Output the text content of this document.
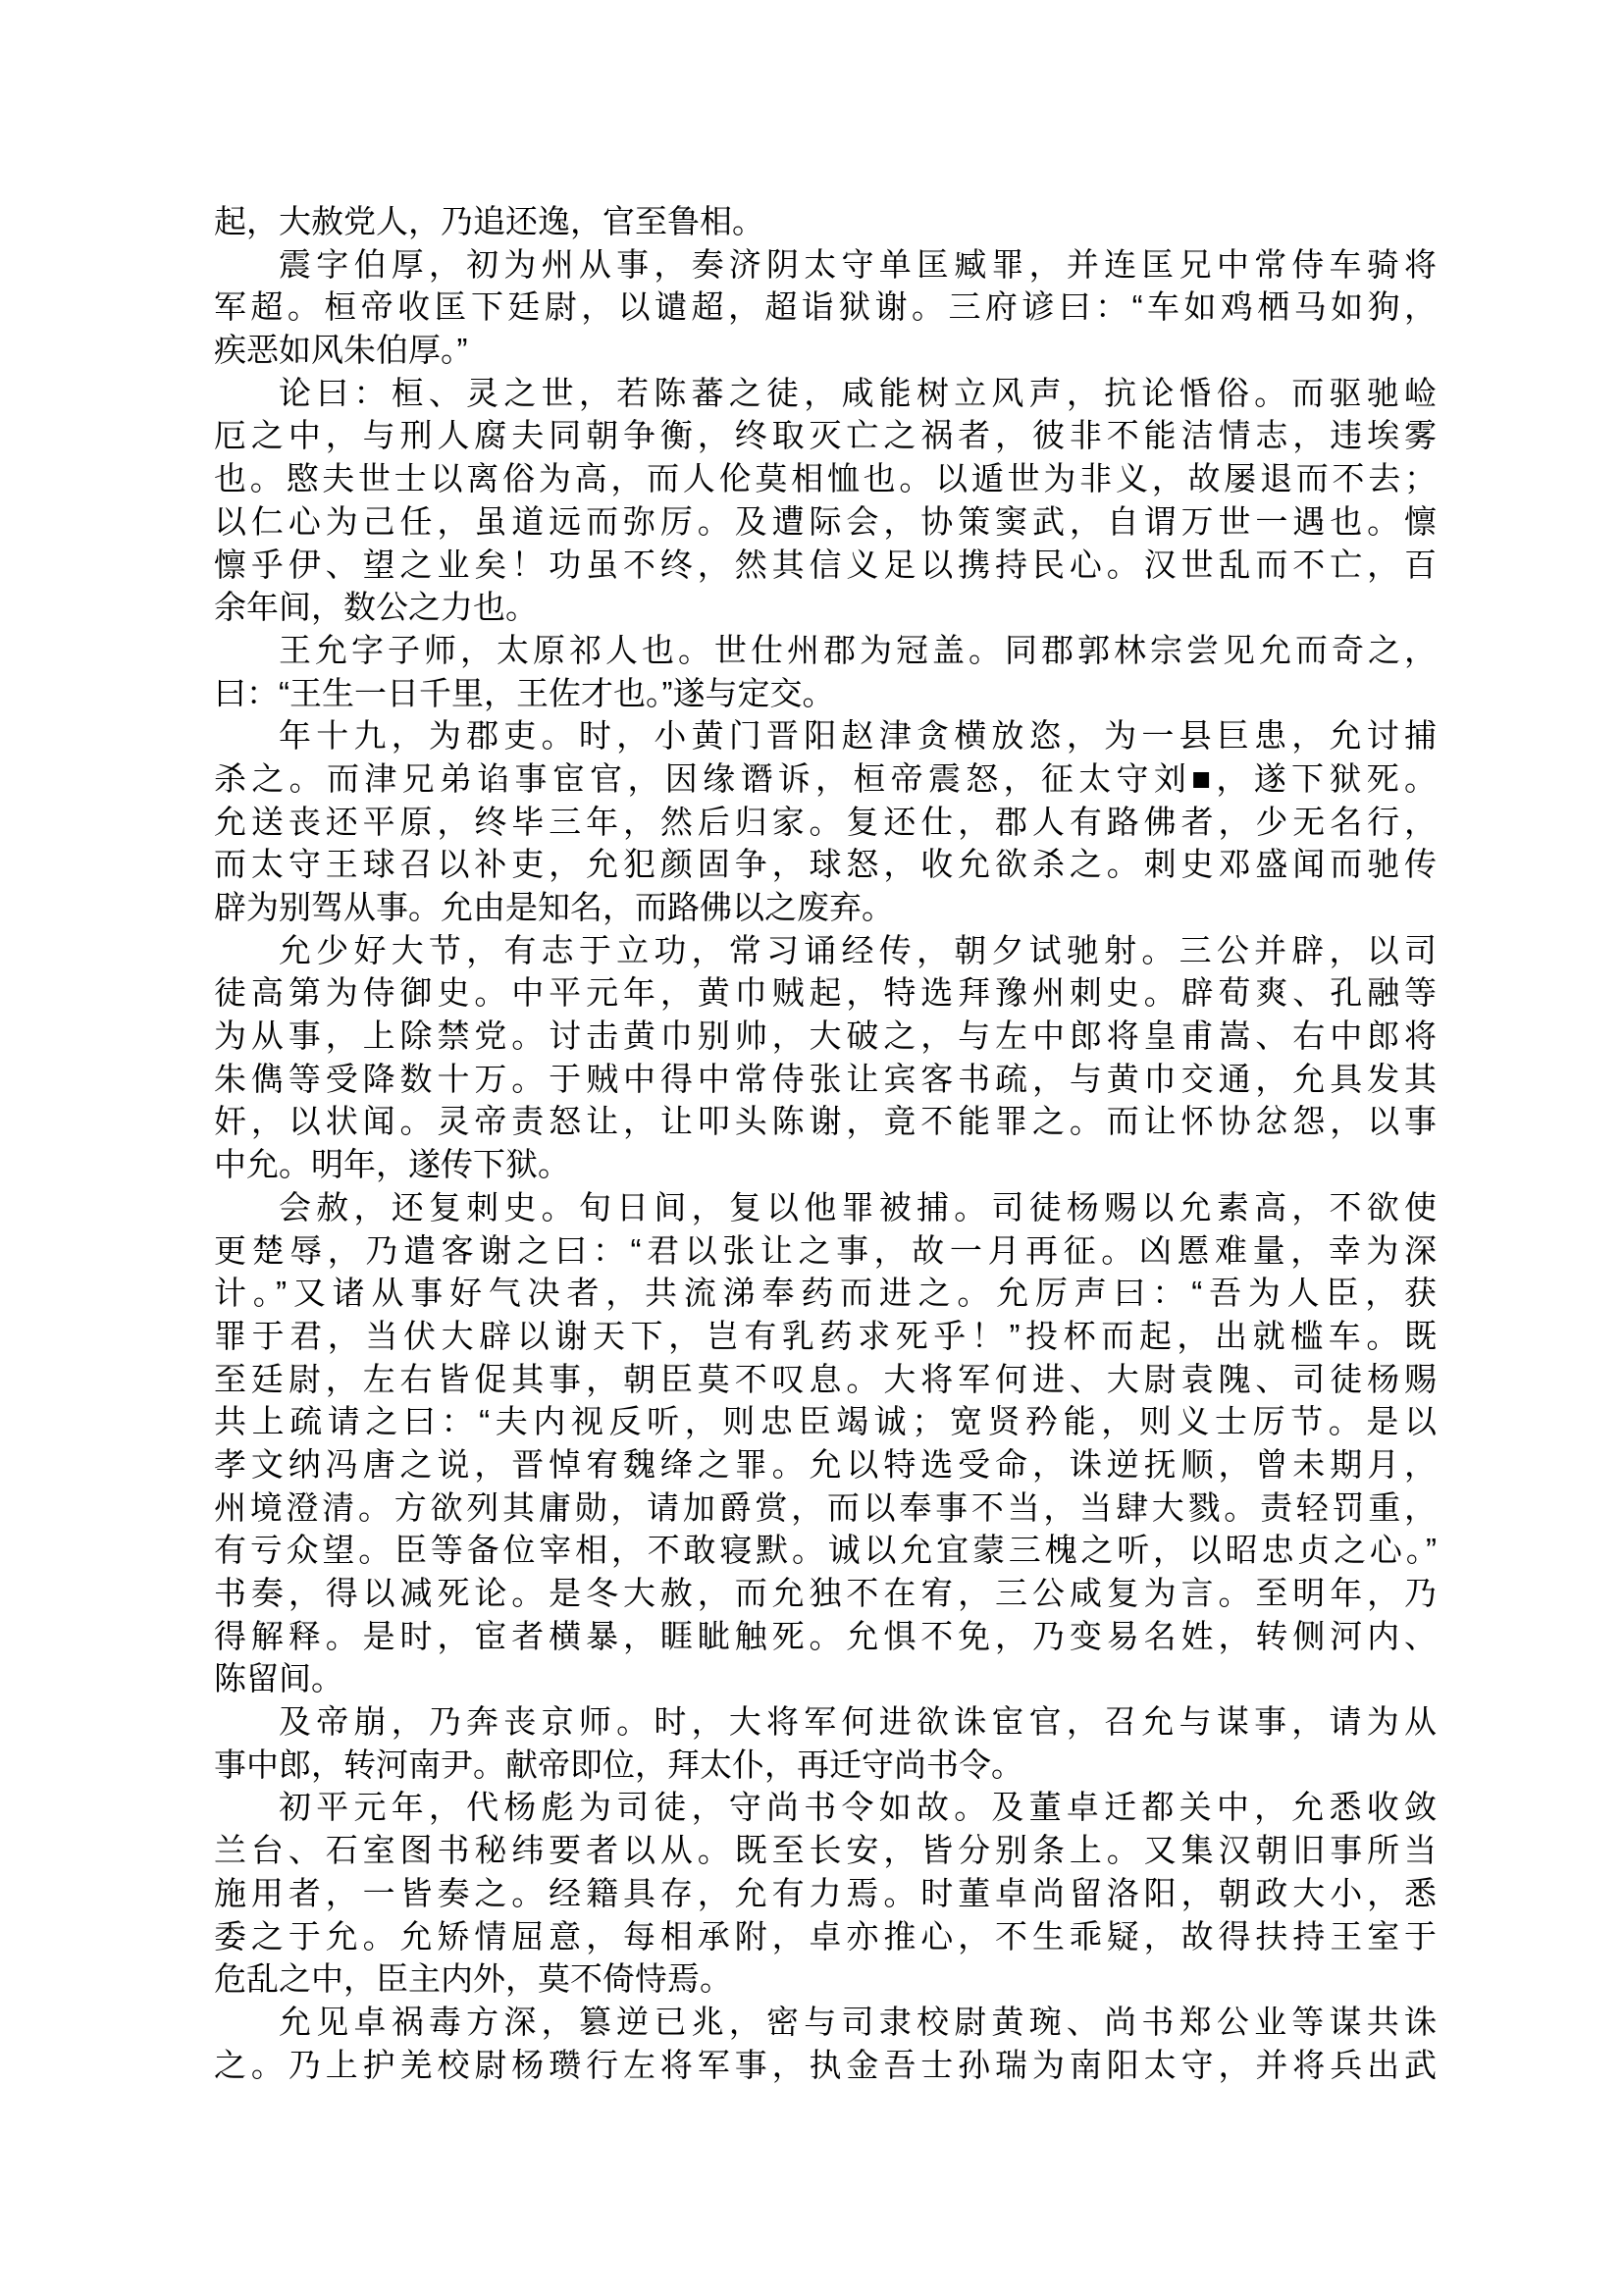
起，大赦党人，乃追还逸，官至鲁相。
震字伯厚，初为州从事，奏济阴太守单匡臧罪，并连匡兄中常侍车骑将
军超。桓帝收匡下廷尉，以谴超，超诣狱谢。三府谚曰：“车如鸡栖马如狗，
疾恶如风朱伯厚。”
论曰：桓、灵之世，若陈蕃之徒，咸能树立风声，抗论惛俗。而驱驰崄
厄之中，与刑人腐夫同朝争衡，终取灭亡之祸者，彼非不能洁情志，违埃雾
也。愍夫世士以离俗为高，而人伦莫相恤也。以遁世为非义，故屡退而不去；
以仁心为己任，虽道远而弥厉。及遭际会，协策窦武，自谓万世一遇也。懔
懔乎伊、望之业矣！功虽不终，然其信义足以携持民心。汉世乱而不亡，百
余年间，数公之力也。
王允字子师，太原祁人也。世仕州郡为冠盖。同郡郭林宗尝见允而奇之，
曰：“王生一日千里，王佐才也。”遂与定交。
年十九，为郡吏。时，小黄门晋阳赵津贪横放恣，为一县巨患，允讨捕
杀之。而津兄弟谄事宦官，因缘谮诉，桓帝震怒，征太守刘■，遂下狱死。
允送丧还平原，终毕三年，然后归家。复还仕，郡人有路佛者，少无名行，
而太守王球召以补吏，允犯颜固争，球怒，收允欲杀之。刺史邓盛闻而驰传
辟为别驾从事。允由是知名，而路佛以之废弃。
允少好大节，有志于立功，常习诵经传，朝夕试驰射。三公并辟，以司
徒高第为侍御史。中平元年，黄巾贼起，特选拜豫州刺史。辟荀爽、孔融等
为从事，上除禁党。讨击黄巾别帅，大破之，与左中郎将皇甫嵩、右中郎将
朱儁等受降数十万。于贼中得中常侍张让宾客书疏，与黄巾交通，允具发其
奸，以状闻。灵帝责怒让，让叩头陈谢，竟不能罪之。而让怀协忿怨，以事
中允。明年，遂传下狱。
会赦，还复刺史。旬日间，复以他罪被捕。司徒杨赐以允素高，不欲使
更楚辱，乃遣客谢之曰：“君以张让之事，故一月再征。凶慝难量，幸为深
计。”又诸从事好气决者，共流涕奉药而进之。允厉声曰：“吾为人臣，获
罪于君，当伏大辟以谢天下，岂有乳药求死乎！”投杯而起，出就槛车。既
至廷尉，左右皆促其事，朝臣莫不叹息。大将军何进、大尉袁隗、司徒杨赐
共上疏请之曰：“夫内视反听，则忠臣竭诚；宽贤矜能，则义士厉节。是以
孝文纳冯唐之说，晋悼宥魏绛之罪。允以特选受命，诛逆抚顺，曾未期月，
州境澄清。方欲列其庸勋，请加爵赏，而以奉事不当，当肆大戮。责轻罚重，
有亏众望。臣等备位宰相，不敢寝默。诚以允宜蒙三槐之听，以昭忠贞之心。”
书奏，得以减死论。是冬大赦，而允独不在宥，三公咸复为言。至明年，乃
得解释。是时，宦者横暴，睚眦触死。允惧不免，乃变易名姓，转侧河内、
陈留间。
及帝崩，乃奔丧京师。时，大将军何进欲诛宦官，召允与谋事，请为从
事中郎，转河南尹。献帝即位，拜太仆，再迁守尚书令。
初平元年，代杨彪为司徒，守尚书令如故。及董卓迁都关中，允悉收敛
兰台、石室图书秘纬要者以从。既至长安，皆分别条上。又集汉朝旧事所当
施用者，一皆奏之。经籍具存，允有力焉。时董卓尚留洛阳，朝政大小，悉
委之于允。允矫情屈意，每相承附，卓亦推心，不生乖疑，故得扶持王室于
危乱之中，臣主内外，莫不倚恃焉。
允见卓祸毒方深，篡逆已兆，密与司隶校尉黄琬、尚书郑公业等谋共诛
之。乃上护羌校尉杨瓒行左将军事，执金吾士孙瑞为南阳太守，并将兵出武
